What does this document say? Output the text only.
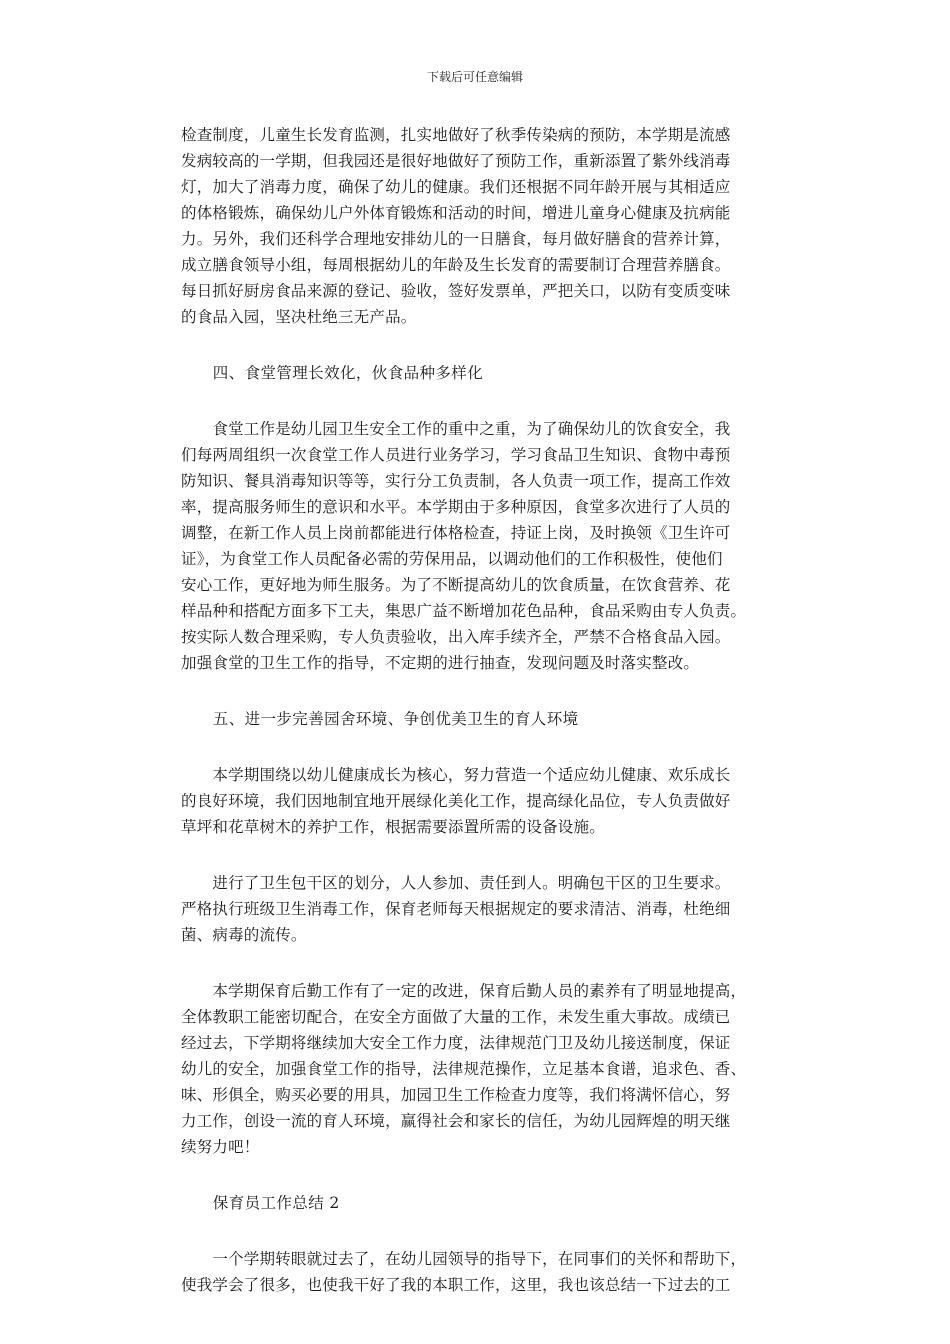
下载后可任意编辑
检查制度，儿童生长发育监测，扎实地做好了秋季传染病的预防，本学期是流感
发病较高的一学期，但我园还是很好地做好了预防工作，重新添置了紫外线消毒
灯，加大了消毒力度，确保了幼儿的健康。我们还根据不同年龄开展与其相适应
的体格锻炼，确保幼儿户外体育锻炼和活动的时间，增进儿童身心健康及抗病能
力。另外，我们还科学合理地安排幼儿的一日膳食，每月做好膳食的营养计算，
成立膳食领导小组，每周根据幼儿的年龄及生长发育的需要制订合理营养膳食。
每日抓好厨房食品来源的登记、验收，签好发票单，严把关口，以防有变质变味
的食品入园，坚决杜绝三无产品。
　　四、食堂管理长效化，伙食品种多样化
　　食堂工作是幼儿园卫生安全工作的重中之重，为了确保幼儿的饮食安全，我
们每两周组织一次食堂工作人员进行业务学习，学习食品卫生知识、食物中毒预
防知识、餐具消毒知识等等，实行分工负责制，各人负责一项工作，提高工作效
率，提高服务师生的意识和水平。本学期由于多种原因，食堂多次进行了人员的
调整，在新工作人员上岗前都能进行体格检查，持证上岗，及时换领《卫生许可
证》，为食堂工作人员配备必需的劳保用品，以调动他们的工作积极性，使他们
安心工作，更好地为师生服务。为了不断提高幼儿的饮食质量，在饮食营养、花
样品种和搭配方面多下工夫，集思广益不断增加花色品种，食品采购由专人负责。
按实际人数合理采购，专人负责验收，出入库手续齐全，严禁不合格食品入园。
加强食堂的卫生工作的指导，不定期的进行抽查，发现问题及时落实整改。
　　五、进一步完善园舍环境、争创优美卫生的育人环境
　　本学期围绕以幼儿健康成长为核心，努力营造一个适应幼儿健康、欢乐成长
的良好环境，我们因地制宜地开展绿化美化工作，提高绿化品位，专人负责做好
草坪和花草树木的养护工作，根据需要添置所需的设备设施。
　　进行了卫生包干区的划分，人人参加、责任到人。明确包干区的卫生要求。
严格执行班级卫生消毒工作，保育老师每天根据规定的要求清洁、消毒，杜绝细
菌、病毒的流传。
　　本学期保育后勤工作有了一定的改进，保育后勤人员的素养有了明显地提高，
全体教职工能密切配合，在安全方面做了大量的工作，未发生重大事故。成绩已
经过去，下学期将继续加大安全工作力度，法律规范门卫及幼儿接送制度，保证
幼儿的安全，加强食堂工作的指导，法律规范操作，立足基本食谱，追求色、香、
味、形俱全，购买必要的用具，加园卫生工作检查力度等，我们将满怀信心，努
力工作，创设一流的育人环境，赢得社会和家长的信任，为幼儿园辉煌的明天继
续努力吧！
　　保育员工作总结 2
　　一个学期转眼就过去了，在幼儿园领导的指导下，在同事们的关怀和帮助下，
使我学会了很多，也使我干好了我的本职工作，这里，我也该总结一下过去的工
